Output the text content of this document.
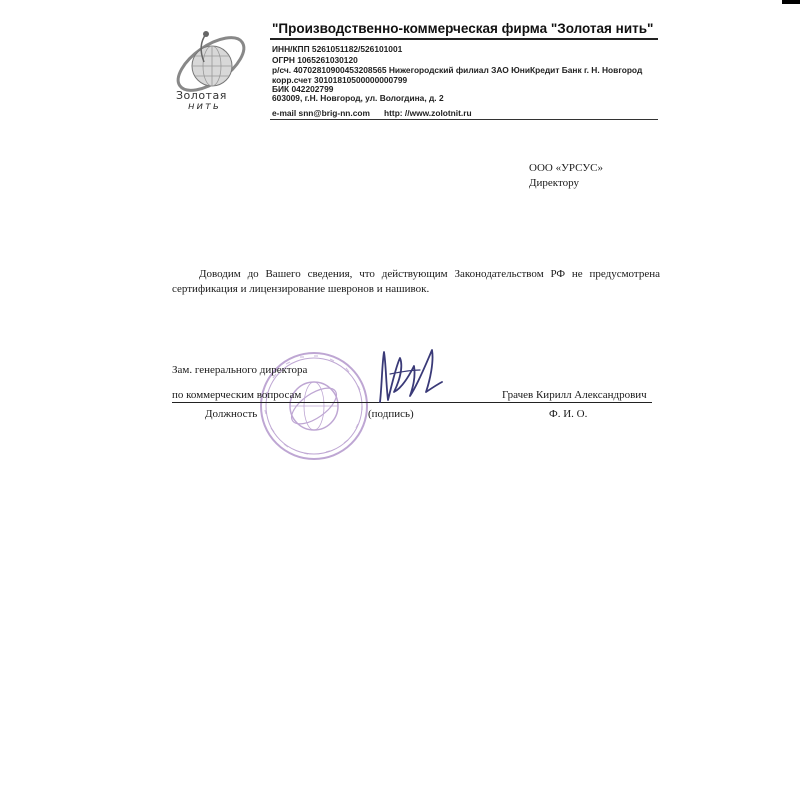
Золотая
нить
"Производственно-коммерческая фирма "Золотая нить"
ИНН/КПП 5261051182/526101001
ОГРН 1065261030120
р/сч. 40702810900453208565 Нижегородский филиал ЗАО ЮниКредит Банк г. Н. Новгород
корр.счет 30101810500000000799
БИК 042202799
603009, г.Н. Новгород, ул. Вологдина, д. 2
e-mail snn@brig-nn.com http: //www.zolotnit.ru
ООО «УРСУС»
Директору
Доводим до Вашего сведения, что действующим Законодательством РФ не предусмотрена сертификация и лицензирование шевронов и нашивок.
Зам. генерального директора
по коммерческим вопросам	Грачев Кирилл Александрович
Должность	(подпись)	Ф. И. О.
